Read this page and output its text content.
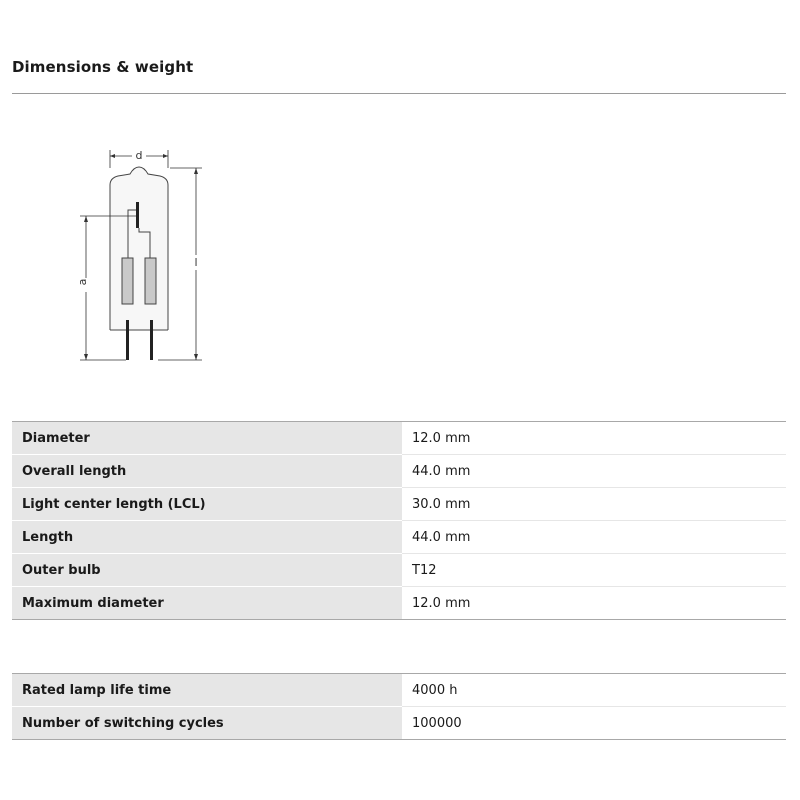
Dimensions & weight
d
l
a
Diameter	12.0 mm
Overall length	44.0 mm
Light center length (LCL)	30.0 mm
Length	44.0 mm
Outer bulb	T12
Maximum diameter	12.0 mm
Rated lamp life time	4000 h
Number of switching cycles	100000
